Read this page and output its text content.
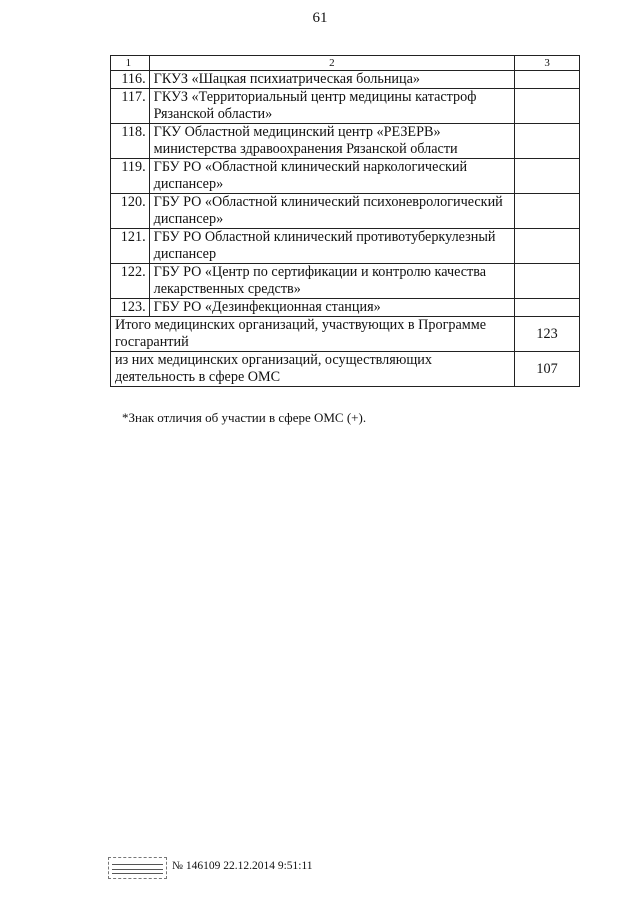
61
1	2	3
116.	ГКУЗ «Шацкая психиатрическая больница»	
117.	ГКУЗ «Территориальный центр медицины катастроф Рязанской области»	
118.	ГКУ Областной медицинский центр «РЕЗЕРВ» министерства здравоохранения Рязанской области	
119.	ГБУ РО «Областной клинический наркологический диспансер»	
120.	ГБУ РО «Областной клинический психоневрологический диспансер»	
121.	ГБУ РО Областной клинический противотуберкулезный диспансер	
122.	ГБУ РО «Центр по сертификации и контролю качества лекарственных средств»	
123.	ГБУ РО «Дезинфекционная станция»	
Итого медицинских организаций, участвующих в Программе госгарантий		123
из них медицинских организаций, осуществляющих деятельность в сфере ОМС		107
*Знак отличия об участии в сфере ОМС (+).
№ 146109 22.12.2014 9:51:11
